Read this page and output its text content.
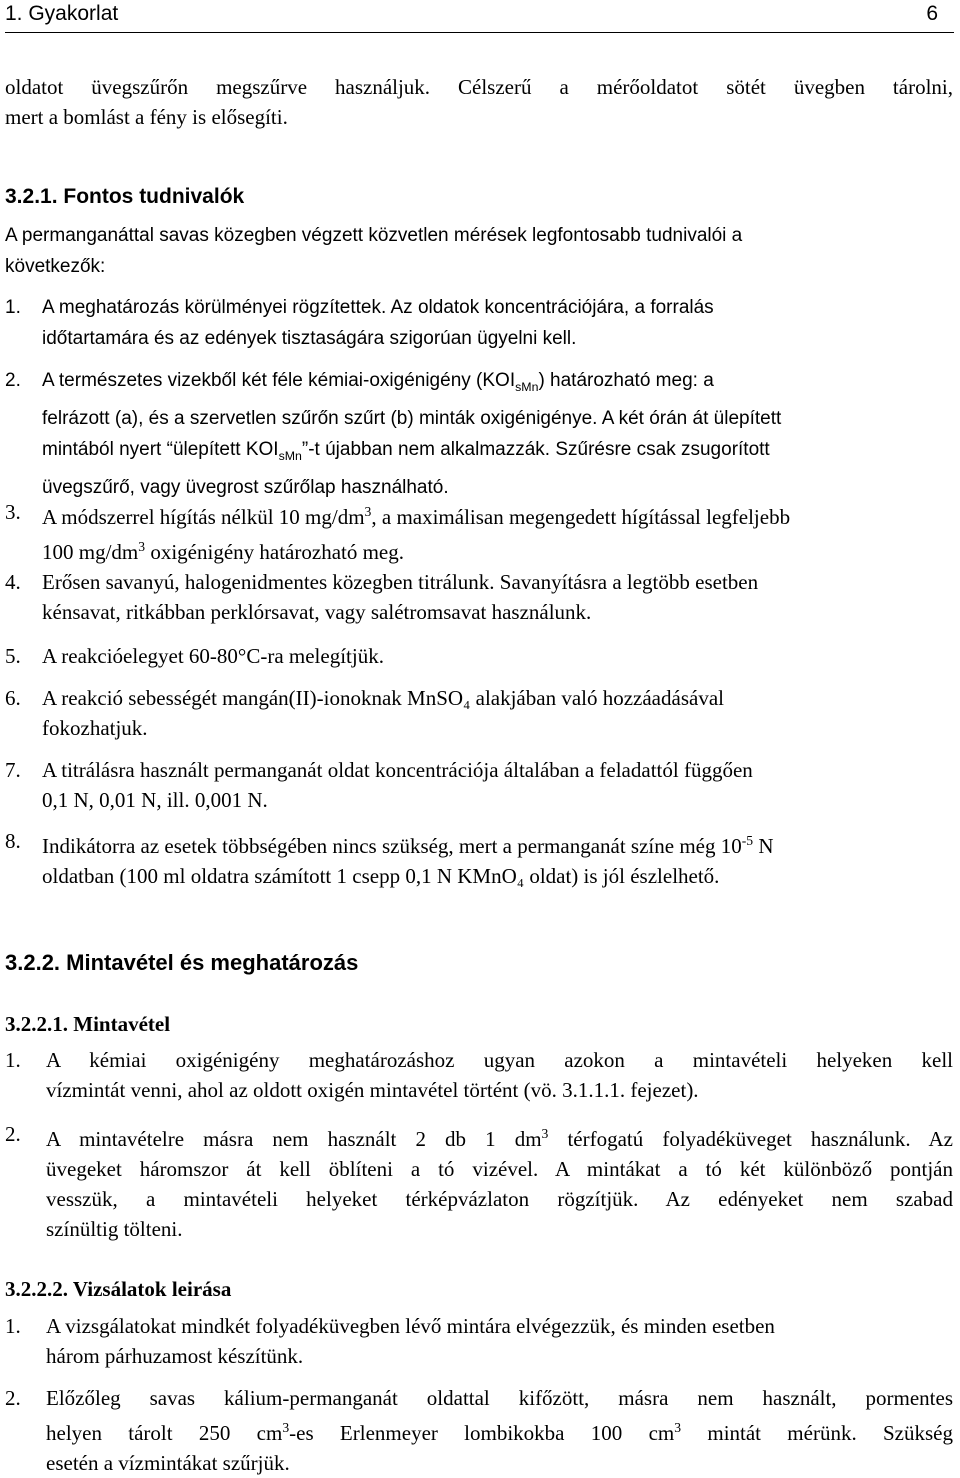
1. Gyakorlat	6
oldatot üvegszűrőn megszűrve használjuk. Célszerű a mérőoldatot sötét üvegben tárolni,
mert a bomlást a fény is elősegíti.
3.2.1. Fontos tudnivalók
A permanganáttal savas közegben végzett közvetlen mérések legfontosabb tudnivalói a
következők:
1. A meghatározás körülményei rögzítettek. Az oldatok koncentrációjára, a forralás
időtartamára és az edények tisztaságára szigorúan ügyelni kell.
2. A természetes vizekből két féle kémiai-oxigénigény $(KOI_{sMn})$ határozható meg: a
felrázott (a), és a szervetlen szűrőn szűrt (b) minták oxigénigénye. A két órán át ülepített
mintából nyert “ülepített $KOI_{sMn}”-t$ újabban nem alkalmazzák. Szűrésre csak zsugorított
üvegszűrő, vagy üvegrost szűrőlap használható.
3. A módszerrel hígítás nélkül 10 $mg/dm^3$, a maximálisan megengedett hígítással legfeljebb
100 $mg/dm^3$ oxigénigény határozható meg.
4. Erősen savanyú, halogenidmentes közegben titrálunk. Savanyításra a legtöbb esetben
kénsavat, ritkábban perklórsavat, vagy salétromsavat használunk.
5. A reakcióelegyet 60-80°C-ra melegítjük.
6. A reakció sebességét mangán(II)-ionoknak MnSO₄ alakjában való hozzáadásával
fokozhatjuk.
7. A titrálásra használt permanganát oldat koncentrációja általában a feladattól függően
0,1 N, 0,01 N, ill. 0,001 N.
8. Indikátorra az esetek többségében nincs szükség, mert a permanganát színe még $10^{-5}$ N
oldatban (100 ml oldatra számított 1 csepp 0,1 N KMnO₄ oldat) is jól észlelhető.
3.2.2. Mintavétel és meghatározás
3.2.2.1. Mintavétel
1. A kémiai oxigénigény meghatározáshoz ugyan azokon a mintavételi helyeken kell
vízmintát venni, ahol az oldott oxigén mintavétel történt (vö. 3.1.1.1. fejezet).
2. A mintavételre másra nem használt 2 db 1 $dm^3$ térfogatú folyadéküveget használunk. Az
üvegeket háromszor át kell öblíteni a tó vizével. A mintákat a tó két különböző pontján
vesszük, a mintavételi helyeket térképvázlaton rögzítjük. Az edényeket nem szabad
színültig tölteni.
3.2.2.2. Vizsálatok leirása
1. A vizsgálatokat mindkét folyadéküvegben lévő mintára elvégezzük, és minden esetben
három párhuzamost készítünk.
2. Előzőleg savas kálium-permanganát oldattal kifőzött, másra nem használt, pormentes
helyen tárolt 250 $cm^3-es$ Erlenmeyer lombikokba 100 $cm^3$ mintát mérünk. Szükség
esetén a vízmintákat szűrjük.
